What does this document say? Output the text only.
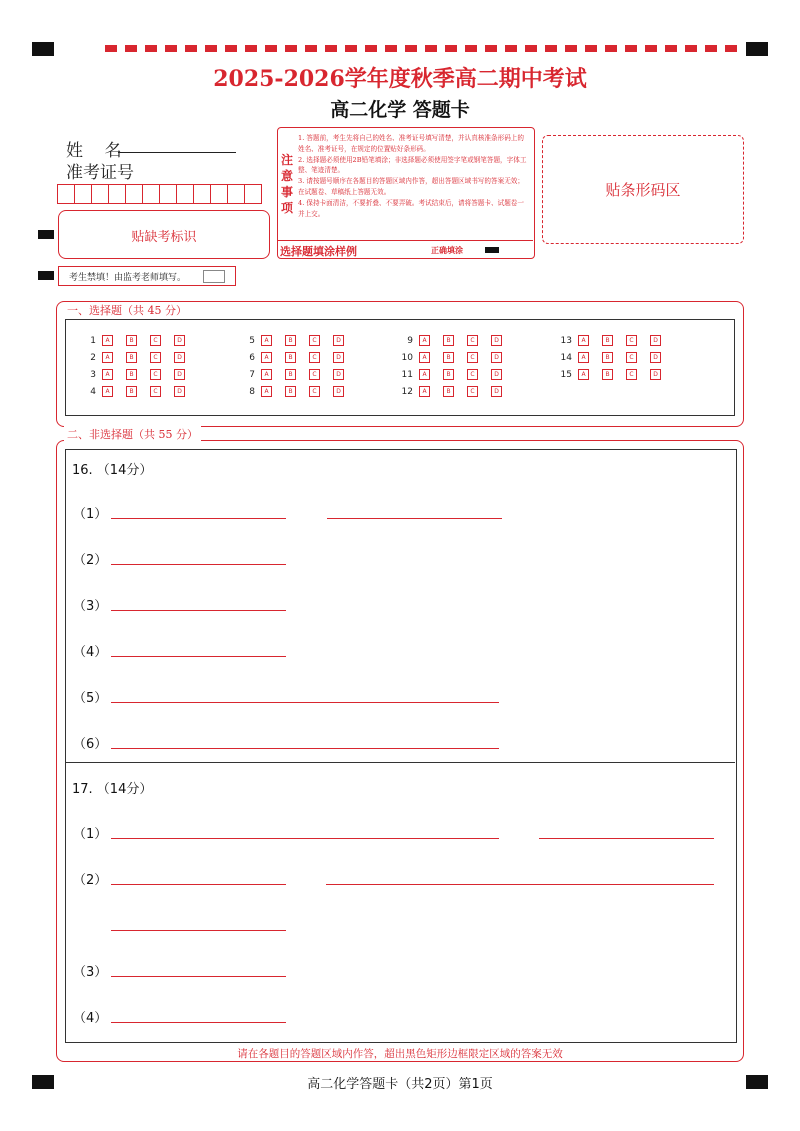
2025-2026学年度秋季高二期中考试
高二化学 答题卡
姓    名
准考证号
贴缺考标识
考生禁填！由监考老师填写。
注意事项
1. 答题前，考生先将自己的姓名、准考证号填写清楚，并认真核准条形码上的姓名、准考证号，在规定的位置贴好条形码。
2. 选择题必须使用2B铅笔填涂；非选择题必须使用签字笔或钢笔答题，字体工整、笔迹清楚。
3. 请按题号顺序在各题目的答题区域内作答，超出答题区域书写的答案无效；在试题卷、草稿纸上答题无效。
4. 保持卡面清洁，不要折叠、不要弄破。考试结束后，请将答题卡、试题卷一并上交。
选择题填涂样例	正确填涂
贴条形码区
一、选择题（共 45 分）
1	A	B	C	D
2	A	B	C	D
3	A	B	C	D
4	A	B	C	D
5	A	B	C	D
6	A	B	C	D
7	A	B	C	D
8	A	B	C	D
9	A	B	C	D
10	A	B	C	D
11	A	B	C	D
12	A	B	C	D
13	A	B	C	D
14	A	B	C	D
15	A	B	C	D
二、非选择题（共 55 分）
16. （14分）
（1）
（2）
（3）
（4）
（5）
（6）
17. （14分）
（1）
（2）
（3）
（4）
请在各题目的答题区域内作答，超出黑色矩形边框限定区域的答案无效
高二化学答题卡（共2页）第1页
